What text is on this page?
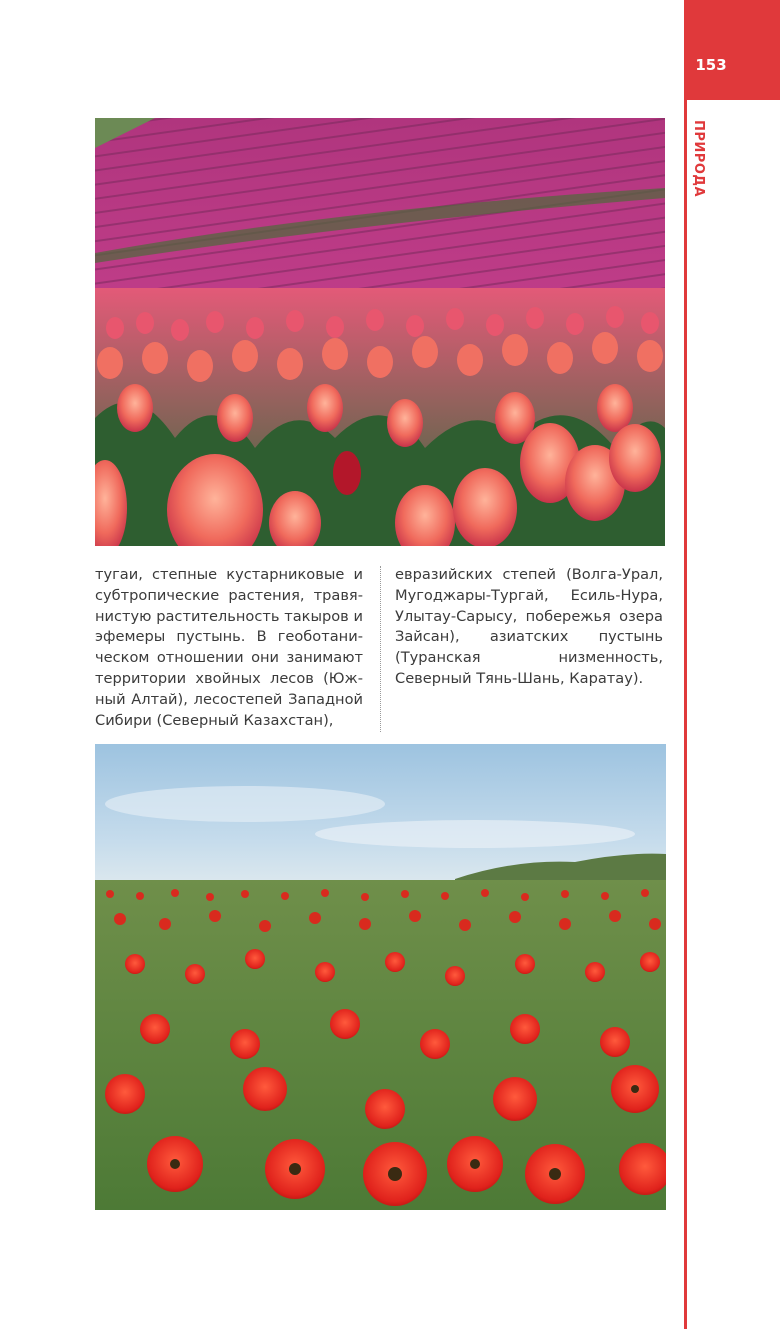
153
ПРИРОДА
тугаи, степные кустарниковые и субтропические растения, травянистую растительность такыров и эфемеры пустынь. В геоботаническом отношении они занимают территории хвойных лесов (Южный Алтай), лесостепей Западной Сибири (Северный Казахстан),
евразийских степей (Волга-Урал, Мугоджары-Тургай, Есиль-Нура, Улытау-Сарысу, побережья озера Зайсан), азиатских пустынь (Туранская низменность, Северный Тянь-Шань, Каратау).
